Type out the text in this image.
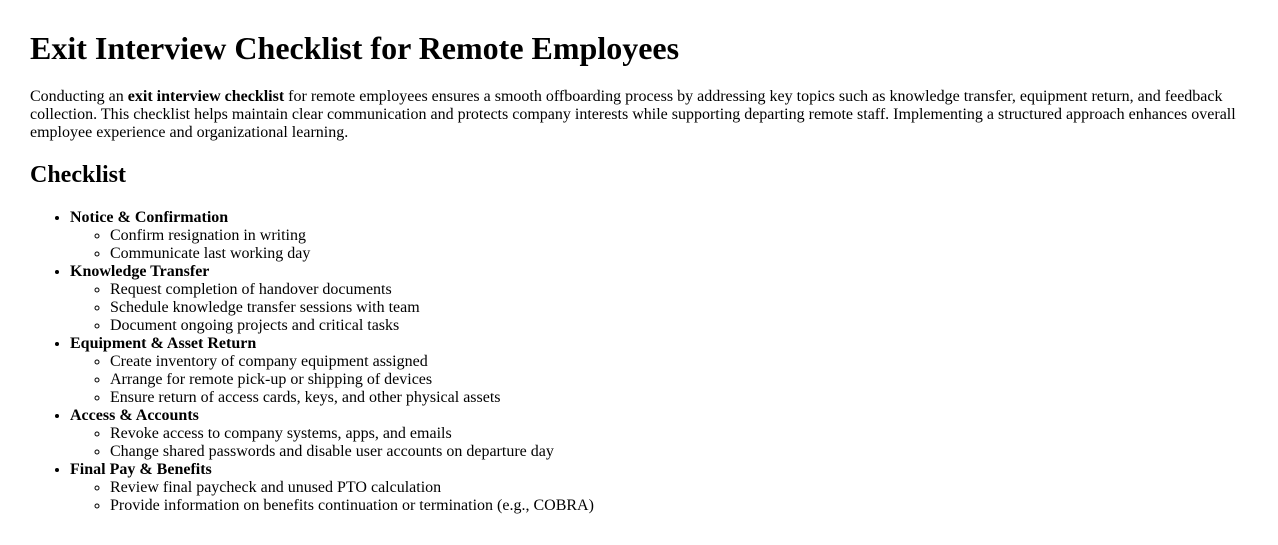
Exit Interview Checklist for Remote Employees

Conducting an exit interview checklist for remote employees ensures a smooth offboarding process by addressing key topics such as knowledge transfer, equipment return, and feedback collection. This checklist helps maintain clear communication and protects company interests while supporting departing remote staff. Implementing a structured approach enhances overall employee experience and organizational learning.

Checklist
• Notice & Confirmation
◦ Confirm resignation in writing
◦ Communicate last working day
• Knowledge Transfer
◦ Request completion of handover documents
◦ Schedule knowledge transfer sessions with team
◦ Document ongoing projects and critical tasks
• Equipment & Asset Return
◦ Create inventory of company equipment assigned
◦ Arrange for remote pick-up or shipping of devices
◦ Ensure return of access cards, keys, and other physical assets
• Access & Accounts
◦ Revoke access to company systems, apps, and emails
◦ Change shared passwords and disable user accounts on departure day
• Final Pay & Benefits
◦ Review final paycheck and unused PTO calculation
◦ Provide information on benefits continuation or termination (e.g., COBRA)
